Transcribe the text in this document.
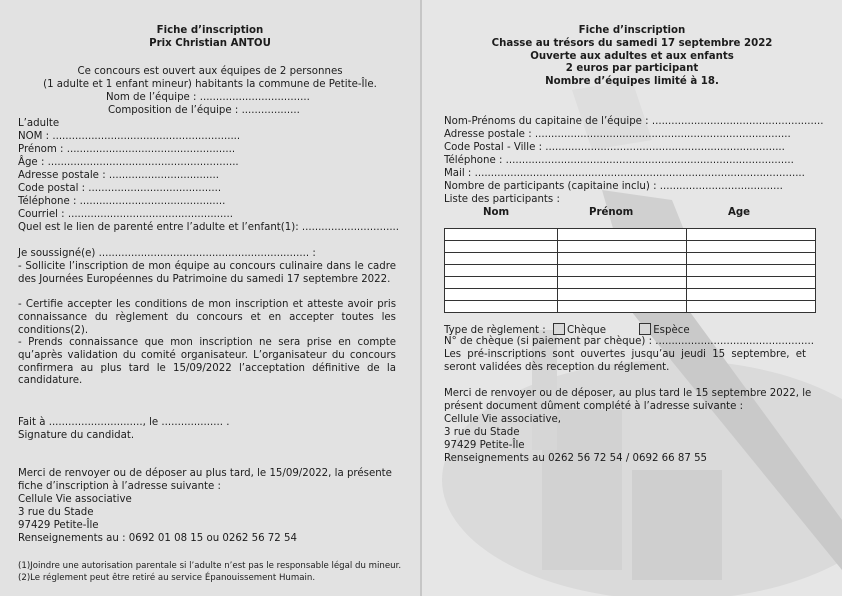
Fiche d’inscription
Prix Christian ANTOU
Ce concours est ouvert aux équipes de 2 personnes
(1 adulte et 1 enfant mineur) habitants la commune de Petite-Île.
Nom de l’équipe : ..................................
Composition de l’équipe : ..................
L’adulte
NOM : ..........................................................
Prénom : ....................................................
Âge : ...........................................................
Adresse postale : ..................................
Code postal : .........................................
Téléphone : .............................................
Courriel : ...................................................
Quel est le lien de parenté entre l’adulte et l’enfant(1): ..............................
Je soussigné(e) ................................................................. :
- Sollicite l’inscription de mon équipe au concours culinaire dans le cadre des Journées Européennes du Patrimoine du samedi 17 septembre 2022.
- Certifie accepter les conditions de mon inscription et atteste avoir pris connaissance du règlement du concours et en accepter toutes les conditions(2).
- Prends connaissance que mon inscription ne sera prise en compte qu’après validation du comité organisateur. L’organisateur du concours confirmera au plus tard le 15/09/2022 l’acceptation définitive de la candidature.
Fait à ............................., le ................... .
Signature du candidat.
Merci de renvoyer ou de déposer au plus tard, le 15/09/2022, la présente fiche d’inscription à l’adresse suivante :
Cellule Vie associative
3 rue du Stade
97429 Petite-Île
Renseignements au : 0692 01 08 15 ou 0262 56 72 54
(1)Joindre une autorisation parentale si l’adulte n’est pas le responsable légal du mineur.
(2)Le réglement peut être retiré au service Épanouissement Humain.
Fiche d’inscription
Chasse au trésors du samedi 17 septembre 2022
Ouverte aux adultes et aux enfants
2 euros par participant
Nombre d’équipes limité à 18.
Nom-Prénoms du capitaine de l’équipe : .....................................................
Adresse postale : ...............................................................................
Code Postal - Ville : ..........................................................................
Téléphone : .........................................................................................
Mail : ......................................................................................................
Nombre de participants (capitaine inclu) : ......................................
Liste des participants :
Nom	Prénom	Age

Type de règlement : Chèque	Espèce
N° de chèque (si paiement par chèque) : .................................................
Les pré-inscriptions sont ouvertes jusqu’au jeudi 15 septembre, et seront validées dès reception du réglement.
Merci de renvoyer ou de déposer, au plus tard le 15 septembre 2022, le présent document dûment complété à l’adresse suivante :
Cellule Vie associative,
3 rue du Stade
97429 Petite-Île
Renseignements au 0262 56 72 54 / 0692 66 87 55
